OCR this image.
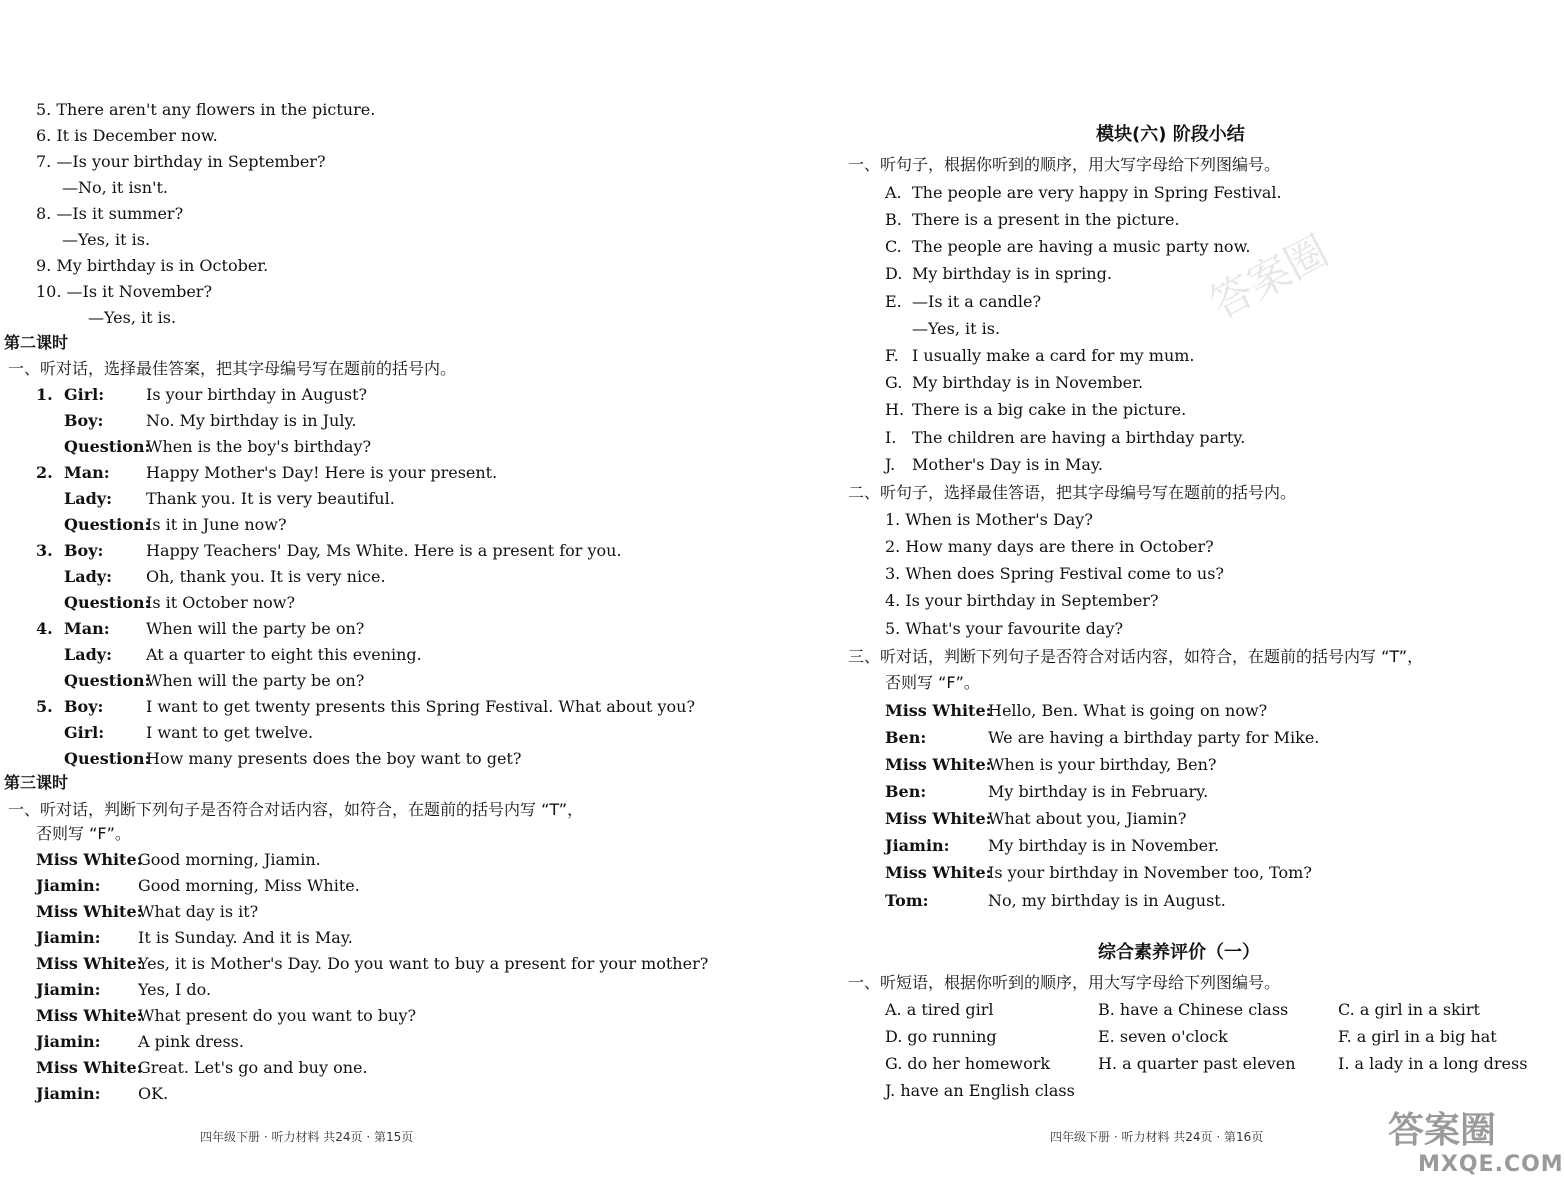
5. There aren't any flowers in the picture.
6. It is December now.
7. —Is your birthday in September?
—No, it isn't.
8. —Is it summer?
—Yes, it is.
9. My birthday is in October.
10. —Is it November?
—Yes, it is.
第二课时
一、听对话，选择最佳答案，把其字母编号写在题前的括号内。
1. Girl:	Is your birthday in August?
Boy:	No. My birthday is in July.
Question:
When is the boy's birthday?
2. Man: Happy Mother's Day! Here is your present.
Lady: Thank you. It is very beautiful.
Question:
Is it in June now?
3. Boy:	Happy Teachers' Day, Ms White. Here is a present for you.
Lady: Oh, thank you. It is very nice.
Question:
Is it October now?
4. Man: When will the party be on?
Lady: At a quarter to eight this evening.
Question:
When will the party be on?
5. Boy:	I want to get twenty presents this Spring Festival. What about you?
Girl:	I want to get twelve.
Question:
How many presents does the boy want to get?
第三课时
一、听对话，判断下列句子是否符合对话内容，如符合，在题前的括号内写 “T”，
否则写 “F”。
Miss White:
Good morning, Jiamin.
Jiamin: Good morning, Miss White.
Miss White:
What day is it?
Jiamin: It is Sunday. And it is May.
Miss White:
Yes, it is Mother's Day. Do you want to buy a present for your mother?
Jiamin: Yes, I do.
Miss White:
What present do you want to buy?
Jiamin: A pink dress.
Miss White:
Great. Let's go and buy one.
Jiamin: OK.
四年级下册 · 听力材料 共24页 · 第15页
答案圈
模块(六) 阶段小结
一、听句子，根据你听到的顺序，用大写字母给下列图编号。
A. The people are very happy in Spring Festival.
B. There is a present in the picture.
C. The people are having a music party now.
D. My birthday is in spring.
E. —Is it a candle?
—Yes, it is.
F. I usually make a card for my mum.
G. My birthday is in November.
H. There is a big cake in the picture.
I. The children are having a birthday party.
J. Mother's Day is in May.
二、听句子，选择最佳答语，把其字母编号写在题前的括号内。
1. When is Mother's Day?
2. How many days are there in October?
3. When does Spring Festival come to us?
4. Is your birthday in September?
5. What's your favourite day?
三、听对话，判断下列句子是否符合对话内容，如符合，在题前的括号内写 “T”，
否则写 “F”。
Miss White:
Hello, Ben. What is going on now?
Ben:	We are having a birthday party for Mike.
Miss White:
When is your birthday, Ben?
Ben:	My birthday is in February.
Miss White:
What about you, Jiamin?
Jiamin: My birthday is in November.
Miss White:
Is your birthday in November too, Tom?
Tom:	No, my birthday is in August.
综合素养评价（一）
一、听短语，根据你听到的顺序，用大写字母给下列图编号。
A. a tired girl	B. have a Chinese class	C. a girl in a skirt
D. go running	E. seven o'clock	F. a girl in a big hat
G. do her homework	H. a quarter past eleven	I. a lady in a long dress
J. have an English class
四年级下册 · 听力材料 共24页 · 第16页	答案圈
MXQE.COM
